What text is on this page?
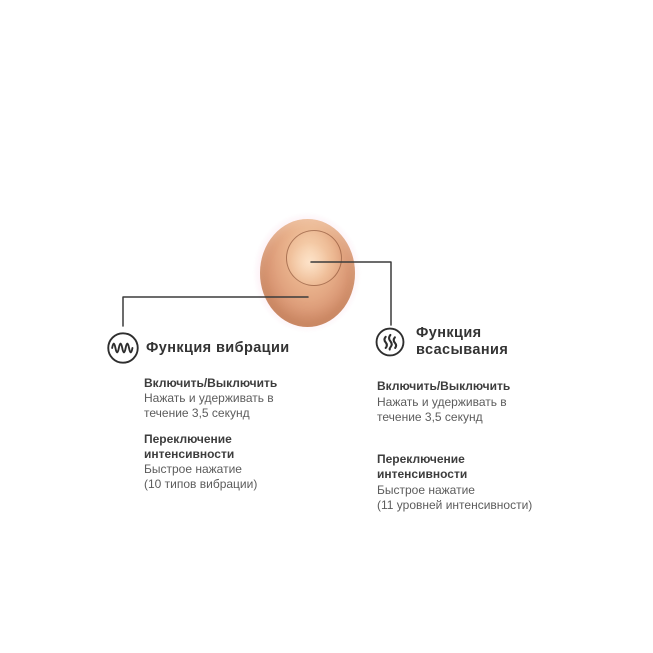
Функция вибрации
Функция
всасывания
Включить/Выключить
Нажать и удерживать в
течение 3,5 секунд
Переключение
интенсивности
Быстрое нажатие
(10 типов вибрации)
Включить/Выключить
Нажать и удерживать в
течение 3,5 секунд
Переключение
интенсивности
Быстрое нажатие
(11 уровней интенсивности)
